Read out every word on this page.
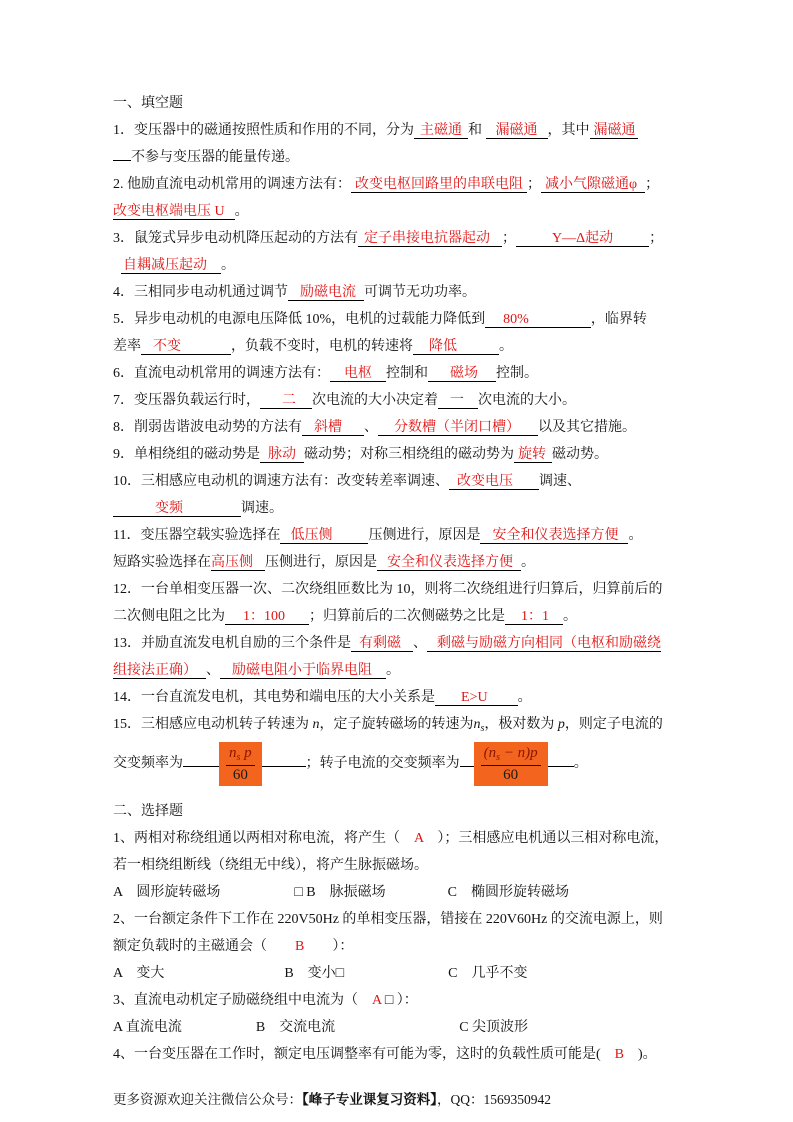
一、填空题

1．变压器中的磁通按照性质和作用的不同，分为 主磁通 和 漏磁通 ，其中 漏磁通

不参与变压器的能量传递。

2. 他励直流电动机常用的调速方法有： 改变电枢回路里的串联电阻 ； 减小气隙磁通φ ；

改变电枢端电压 U 。

3．鼠笼式异步电动机降压起动的方法有 定子串接电抗器起动 ；	Y—Δ起动	；

自耦减压起动 。

4．三相同步电动机通过调节 励磁电流 可调节无功功率。

5．异步电动机的电源电压降低 10%，电机的过载能力降低到 80%	，临界转

差率 不变	，负载不变时，电机的转速将 降低	。

6．直流电动机常用的调速方法有： 电枢 控制和 磁场 控制。

7．变压器负载运行时， 二 次电流的大小决定着 一 次电流的大小。

8．削弱齿谐波电动势的方法有 斜槽 、 分数槽（半闭口槽） 以及其它措施。

9．单相绕组的磁动势是 脉动 磁动势；对称三相绕组的磁动势为 旋转 磁动势。

10．三相感应电动机的调速方法有：改变转差率调速、 改变电压 调速、

变频	调速。

11．变压器空载实验选择在 低压侧	压侧进行，原因是 安全和仪表选择方便 。

短路实验选择在高压侧 压侧进行，原因是 安全和仪表选择方便 。

12．一台单相变压器一次、二次绕组匝数比为 10，则将二次绕组进行归算后，归算前后的

二次侧电阻之比为 1：100 ；归算前后的二次侧磁势之比是 1：1 。

13．并励直流发电机自励的三个条件是 有剩磁 、 剩磁与励磁方向相同（电枢和励磁绕

组接法正确） 、 励磁电阻小于临界电阻 。

14．一台直流发电机，其电势和端电压的大小关系是 E>U 。

15．三相感应电动机转子转速为 n，定子旋转磁场的转速为$n_s$，极对数为 p，则定子电流的

交变频率为 $\frac{n_s p}{60}$	；转子电流的交变频率为 $\frac{(n_s - n)p}{60}$ 。

二、选择题

1、两相对称绕组通以两相对称电流，将产生（　A　）；三相感应电机通以三相对称电流，

若一相绕组断线（绕组无中线），将产生脉振磁场。

A　圆形旋转磁场	□ B　脉振磁场	C　椭圆形旋转磁场

2、一台额定条件下工作在 220V50Hz 的单相变压器，错接在 220V60Hz 的交流电源上，则

额定负载时的主磁通会（　　B　　）：

A　变大	B　变小□	C　几乎不变

3、直流电动机定子励磁绕组中电流为（　A □ ）：

A 直流电流	B　交流电流	C 尖顶波形

4、一台变压器在工作时，额定电压调整率有可能为零，这时的负载性质可能是(　B　)。

更多资源欢迎关注微信公众号：【峰子专业课复习资料】，QQ：1569350942
